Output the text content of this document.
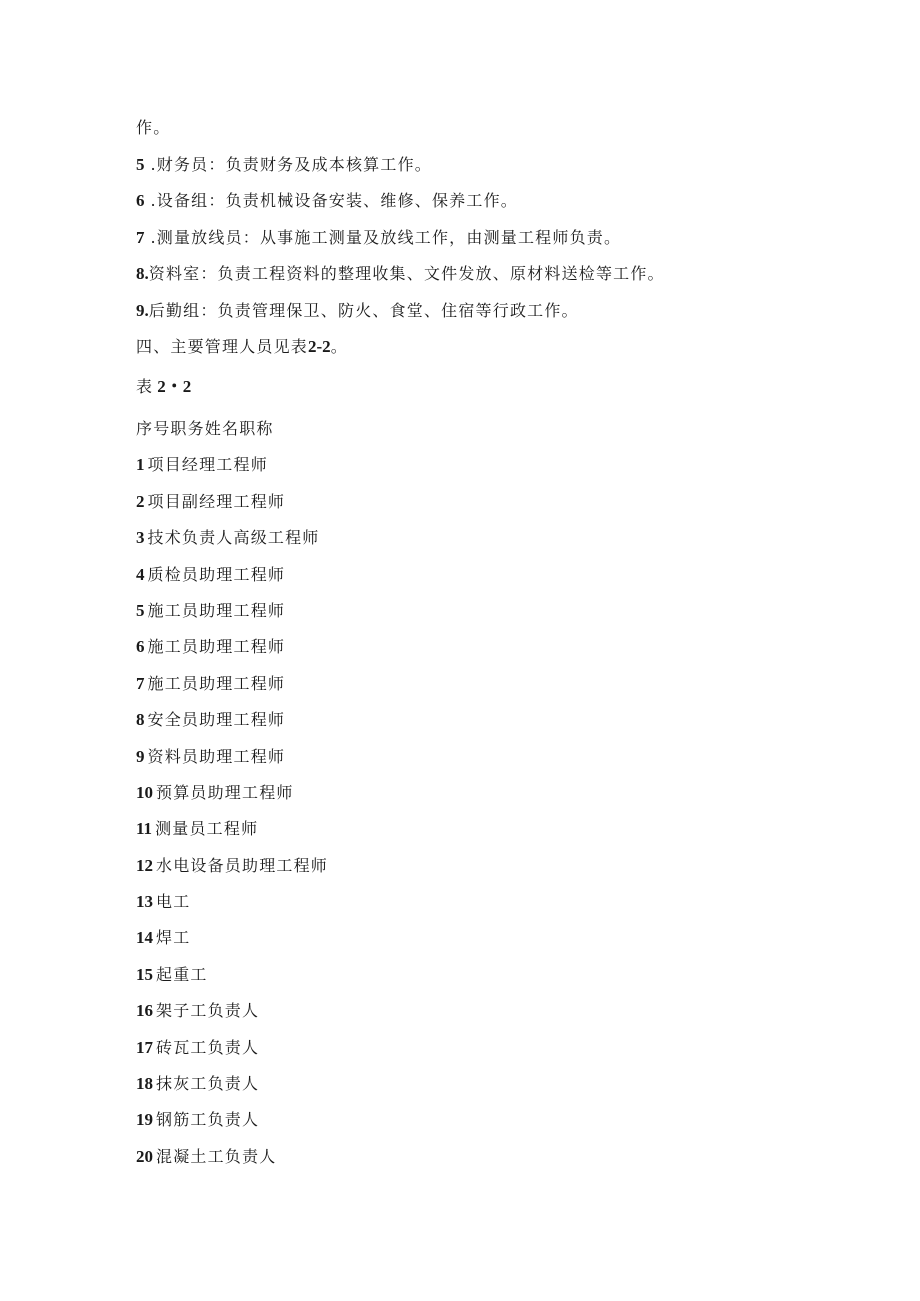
作。
5 .财务员：负责财务及成本核算工作。
6 .设备组：负责机械设备安装、维修、保养工作。
7 .测量放线员：从事施工测量及放线工作，由测量工程师负责。
8.资料室：负责工程资料的整理收集、文件发放、原材料送检等工作。
9.后勤组：负责管理保卫、防火、食堂、住宿等行政工作。
四、主要管理人员见表2-2。
表 2・2
序号职务姓名职称
1 项目经理工程师
2 项目副经理工程师
3 技术负责人高级工程师
4 质检员助理工程师
5 施工员助理工程师
6 施工员助理工程师
7 施工员助理工程师
8 安全员助理工程师
9 资料员助理工程师
10 预算员助理工程师
11 测量员工程师
12 水电设备员助理工程师
13 电工
14 焊工
15 起重工
16 架子工负责人
17 砖瓦工负责人
18 抹灰工负责人
19 钢筋工负责人
20 混凝土工负责人
